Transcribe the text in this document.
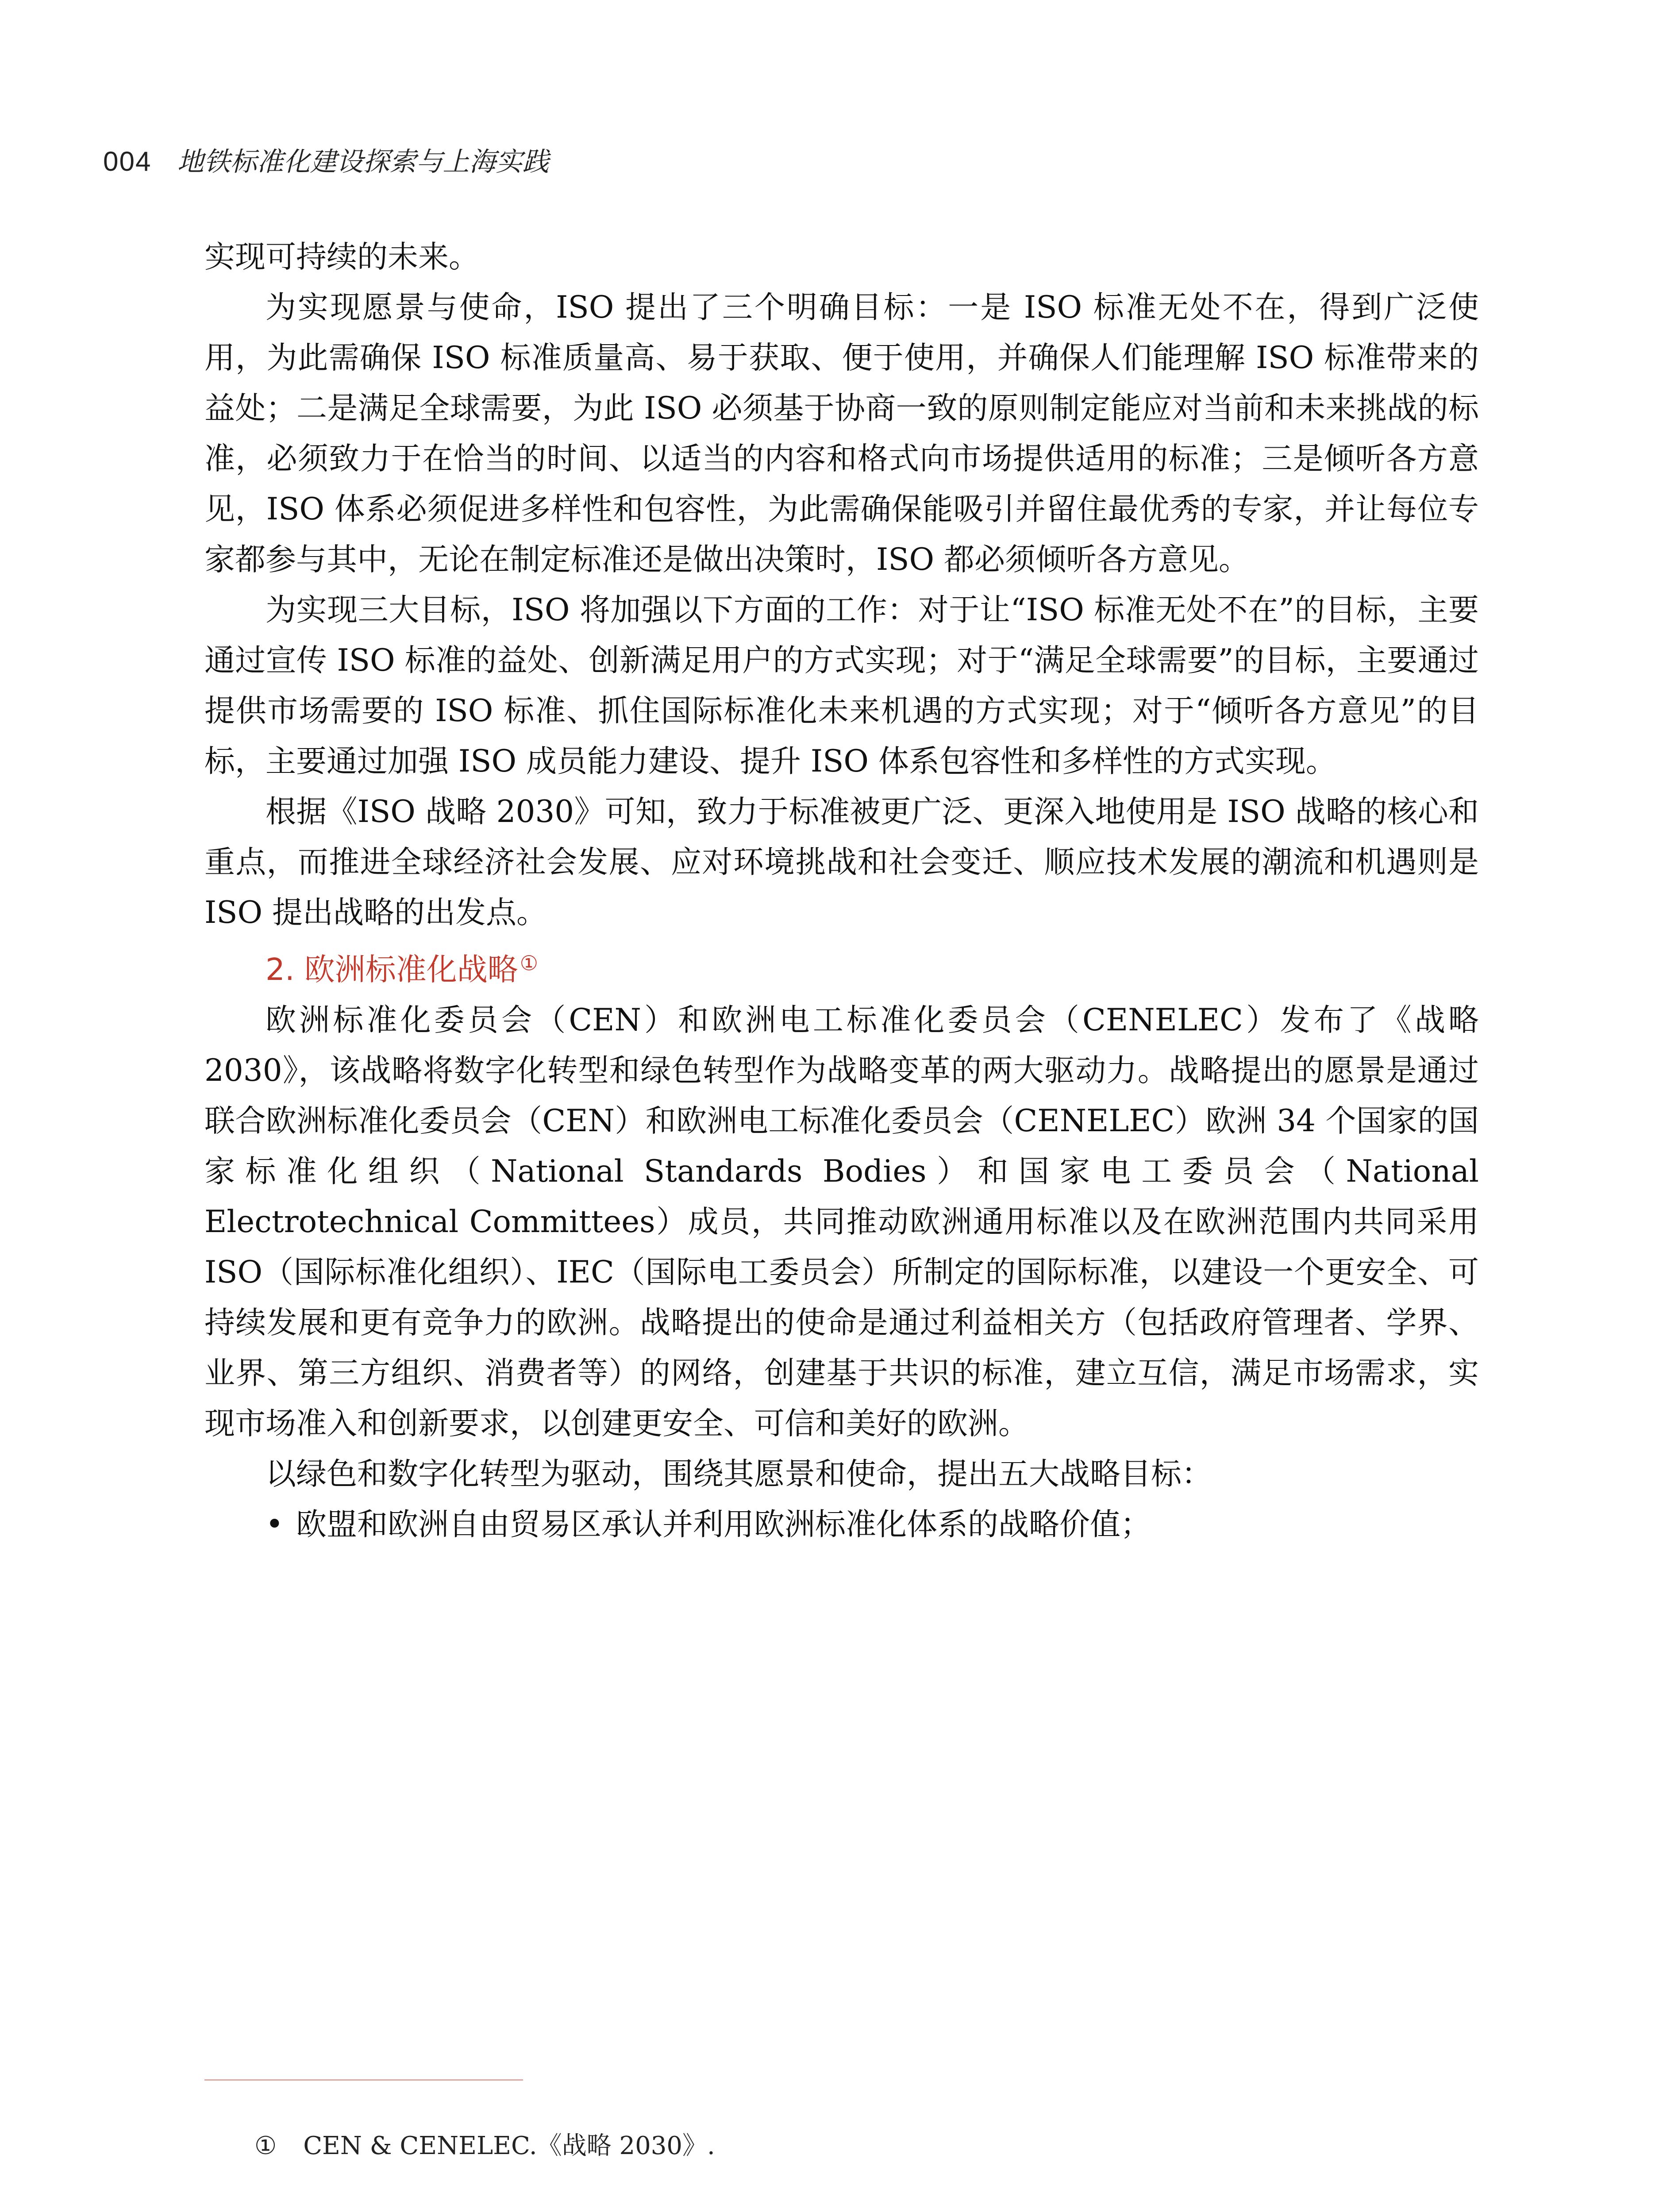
004 地铁标准化建设探索与上海实践

实现可持续的未来。

为实现愿景与使命，ISO 提出了三个明确目标：一是 ISO 标准无处不在，得到广泛使用，为此需确保 ISO 标准质量高、易于获取、便于使用，并确保人们能理解 ISO 标准带来的益处；二是满足全球需要，为此 ISO 必须基于协商一致的原则制定能应对当前和未来挑战的标准，必须致力于在恰当的时间、以适当的内容和格式向市场提供适用的标准；三是倾听各方意见，ISO 体系必须促进多样性和包容性，为此需确保能吸引并留住最优秀的专家，并让每位专家都参与其中，无论在制定标准还是做出决策时，ISO 都必须倾听各方意见。

为实现三大目标，ISO 将加强以下方面的工作：对于让“ISO 标准无处不在”的目标，主要通过宣传 ISO 标准的益处、创新满足用户的方式实现；对于“满足全球需要”的目标，主要通过提供市场需要的 ISO 标准、抓住国际标准化未来机遇的方式实现；对于“倾听各方意见”的目标，主要通过加强 ISO 成员能力建设、提升 ISO 体系包容性和多样性的方式实现。

根据《ISO 战略 2030》可知，致力于标准被更广泛、更深入地使用是 ISO 战略的核心和重点，而推进全球经济社会发展、应对环境挑战和社会变迁、顺应技术发展的潮流和机遇则是 ISO 提出战略的出发点。

2. 欧洲标准化战略①

欧洲标准化委员会（CEN）和欧洲电工标准化委员会（CENELEC）发布了《战略 2030》，该战略将数字化转型和绿色转型作为战略变革的两大驱动力。战略提出的愿景是通过联合欧洲标准化委员会（CEN）和欧洲电工标准化委员会（CENELEC）欧洲 34 个国家的国家标准化组织（National Standards Bodies）和国家电工委员会（National Electrotechnical Committees）成员，共同推动欧洲通用标准以及在欧洲范围内共同采用 ISO（国际标准化组织）、IEC（国际电工委员会）所制定的国际标准，以建设一个更安全、可持续发展和更有竞争力的欧洲。战略提出的使命是通过利益相关方（包括政府管理者、学界、业界、第三方组织、消费者等）的网络，创建基于共识的标准，建立互信，满足市场需求，实现市场准入和创新要求，以创建更安全、可信和美好的欧洲。

以绿色和数字化转型为驱动，围绕其愿景和使命，提出五大战略目标：

• 欧盟和欧洲自由贸易区承认并利用欧洲标准化体系的战略价值；

① CEN & CENELEC.《战略 2030》.
